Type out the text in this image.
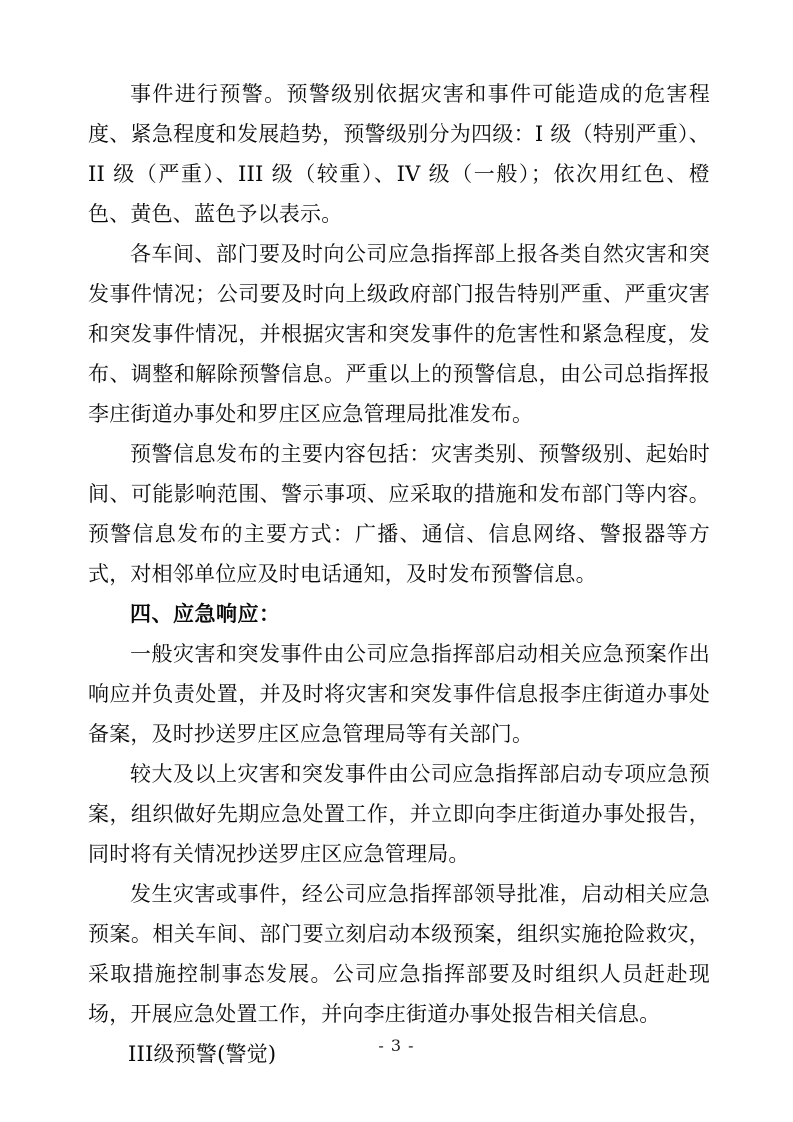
事件进行预警。预警级别依据灾害和事件可能造成的危害程度、紧急程度和发展趋势，预警级别分为四级：I 级（特别严重）、II 级（严重）、III 级（较重）、IV 级（一般）；依次用红色、橙色、黄色、蓝色予以表示。

各车间、部门要及时向公司应急指挥部上报各类自然灾害和突发事件情况；公司要及时向上级政府部门报告特别严重、严重灾害和突发事件情况，并根据灾害和突发事件的危害性和紧急程度，发布、调整和解除预警信息。严重以上的预警信息，由公司总指挥报李庄街道办事处和罗庄区应急管理局批准发布。

预警信息发布的主要内容包括：灾害类别、预警级别、起始时间、可能影响范围、警示事项、应采取的措施和发布部门等内容。预警信息发布的主要方式：广播、通信、信息网络、警报器等方式，对相邻单位应及时电话通知，及时发布预警信息。

四、应急响应：

一般灾害和突发事件由公司应急指挥部启动相关应急预案作出响应并负责处置，并及时将灾害和突发事件信息报李庄街道办事处备案，及时抄送罗庄区应急管理局等有关部门。

较大及以上灾害和突发事件由公司应急指挥部启动专项应急预案，组织做好先期应急处置工作，并立即向李庄街道办事处报告，同时将有关情况抄送罗庄区应急管理局。

发生灾害或事件，经公司应急指挥部领导批准，启动相关应急预案。相关车间、部门要立刻启动本级预案，组织实施抢险救灾，采取措施控制事态发展。公司应急指挥部要及时组织人员赶赴现场，开展应急处置工作，并向李庄街道办事处报告相关信息。

III级预警(警觉)	- 3 -
